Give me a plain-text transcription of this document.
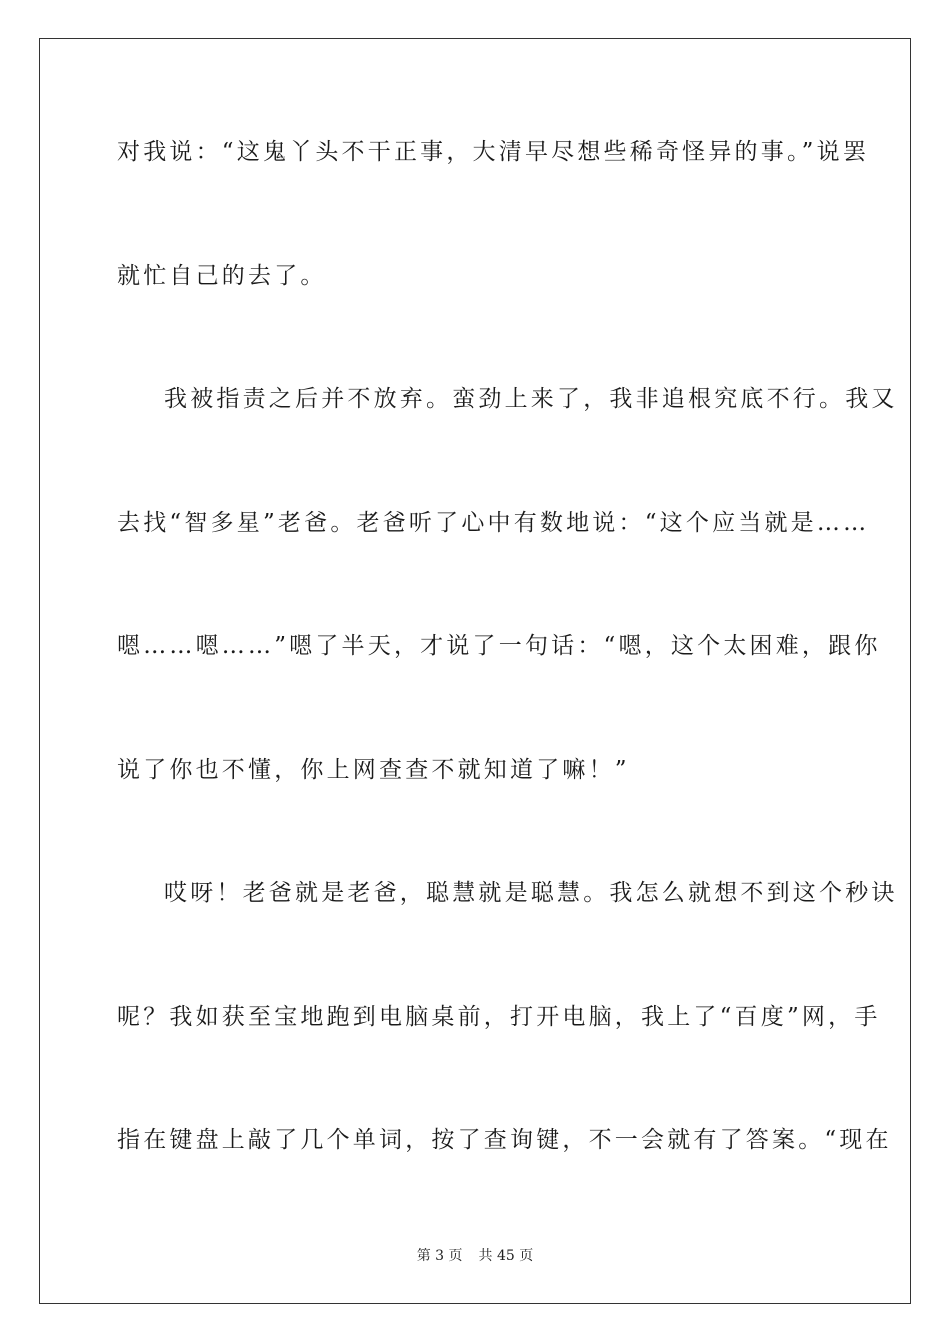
对我说：“这鬼丫头不干正事，大清早尽想些稀奇怪异的事。”说罢
就忙自己的去了。
我被指责之后并不放弃。蛮劲上来了，我非追根究底不行。我又
去找“智多星”老爸。老爸听了心中有数地说：“这个应当就是……
嗯……嗯……”嗯了半天，才说了一句话：“嗯，这个太困难，跟你
说了你也不懂，你上网查查不就知道了嘛！”
哎呀！老爸就是老爸，聪慧就是聪慧。我怎么就想不到这个秒诀
呢？我如获至宝地跑到电脑桌前，打开电脑，我上了“百度”网，手
指在键盘上敲了几个单词，按了查询键，不一会就有了答案。“现在
第 3 页 共 45 页
